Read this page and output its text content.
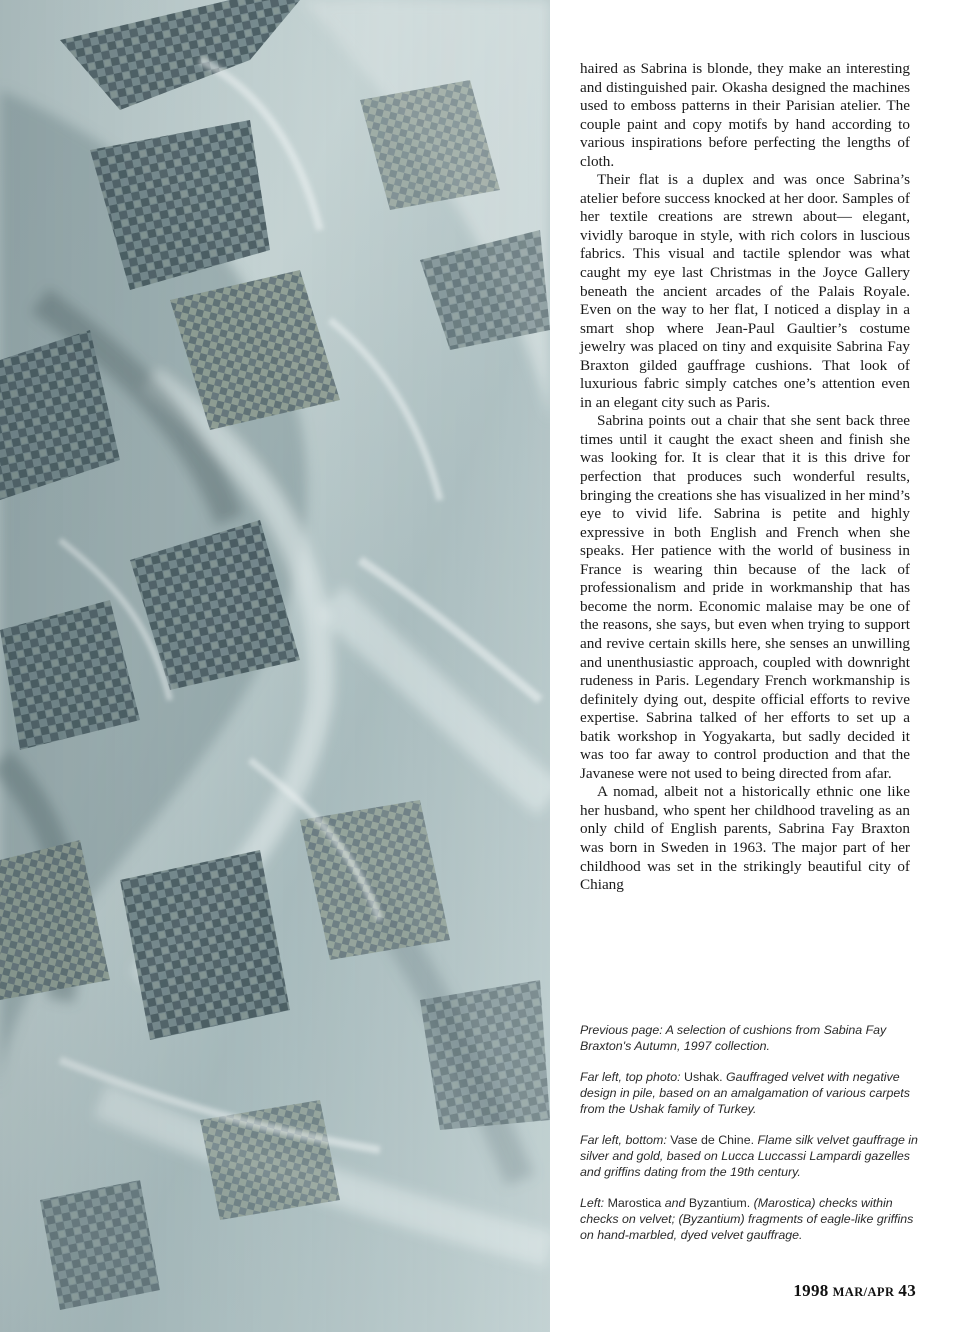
haired as Sabrina is blonde, they make an interesting and distinguished pair. Okasha designed the machines used to emboss patterns in their Parisian atelier. The couple paint and copy motifs by hand according to various inspirations before perfecting the lengths of cloth.

Their flat is a duplex and was once Sabrina’s atelier before success knocked at her door. Samples of her textile creations are strewn about— elegant, vividly baroque in style, with rich colors in luscious fabrics. This visual and tactile splendor was what caught my eye last Christmas in the Joyce Gallery beneath the ancient arcades of the Palais Royale. Even on the way to her flat, I noticed a display in a smart shop where Jean-Paul Gaultier’s costume jewelry was placed on tiny and exquisite Sabrina Fay Braxton gilded gauffrage cushions. That look of luxurious fabric simply catches one’s attention even in an elegant city such as Paris.

Sabrina points out a chair that she sent back three times until it caught the exact sheen and finish she was looking for. It is clear that it is this drive for perfection that produces such wonderful results, bringing the creations she has visualized in her mind’s eye to vivid life. Sabrina is petite and highly expressive in both English and French when she speaks. Her patience with the world of business in France is wearing thin because of the lack of professionalism and pride in workmanship that has become the norm. Economic malaise may be one of the reasons, she says, but even when trying to support and revive certain skills here, she senses an unwilling and unenthusiastic approach, coupled with downright rudeness in Paris. Legendary French workmanship is definitely dying out, despite official efforts to revive expertise. Sabrina talked of her efforts to set up a batik workshop in Yogyakarta, but sadly decided it was too far away to control production and that the Javanese were not used to being directed from afar.

A nomad, albeit not a historically ethnic one like her husband, who spent her childhood traveling as an only child of English parents, Sabrina Fay Braxton was born in Sweden in 1963. The major part of her childhood was set in the strikingly beautiful city of Chiang

Previous page: A selection of cushions from Sabina Fay Braxton's Autumn, 1997 collection.

Far left, top photo: Ushak. Gauffraged velvet with negative design in pile, based on an amalgamation of various carpets from the Ushak family of Turkey.

Far left, bottom: Vase de Chine. Flame silk velvet gauffrage in silver and gold, based on Lucca Luccassi Lampardi gazelles and griffins dating from the 19th century.

Left: Marostica and Byzantium. (Marostica) checks within checks on velvet; (Byzantium) fragments of eagle-like griffins on hand-marbled, dyed velvet gauffrage.

1998 MAR/APR 43
